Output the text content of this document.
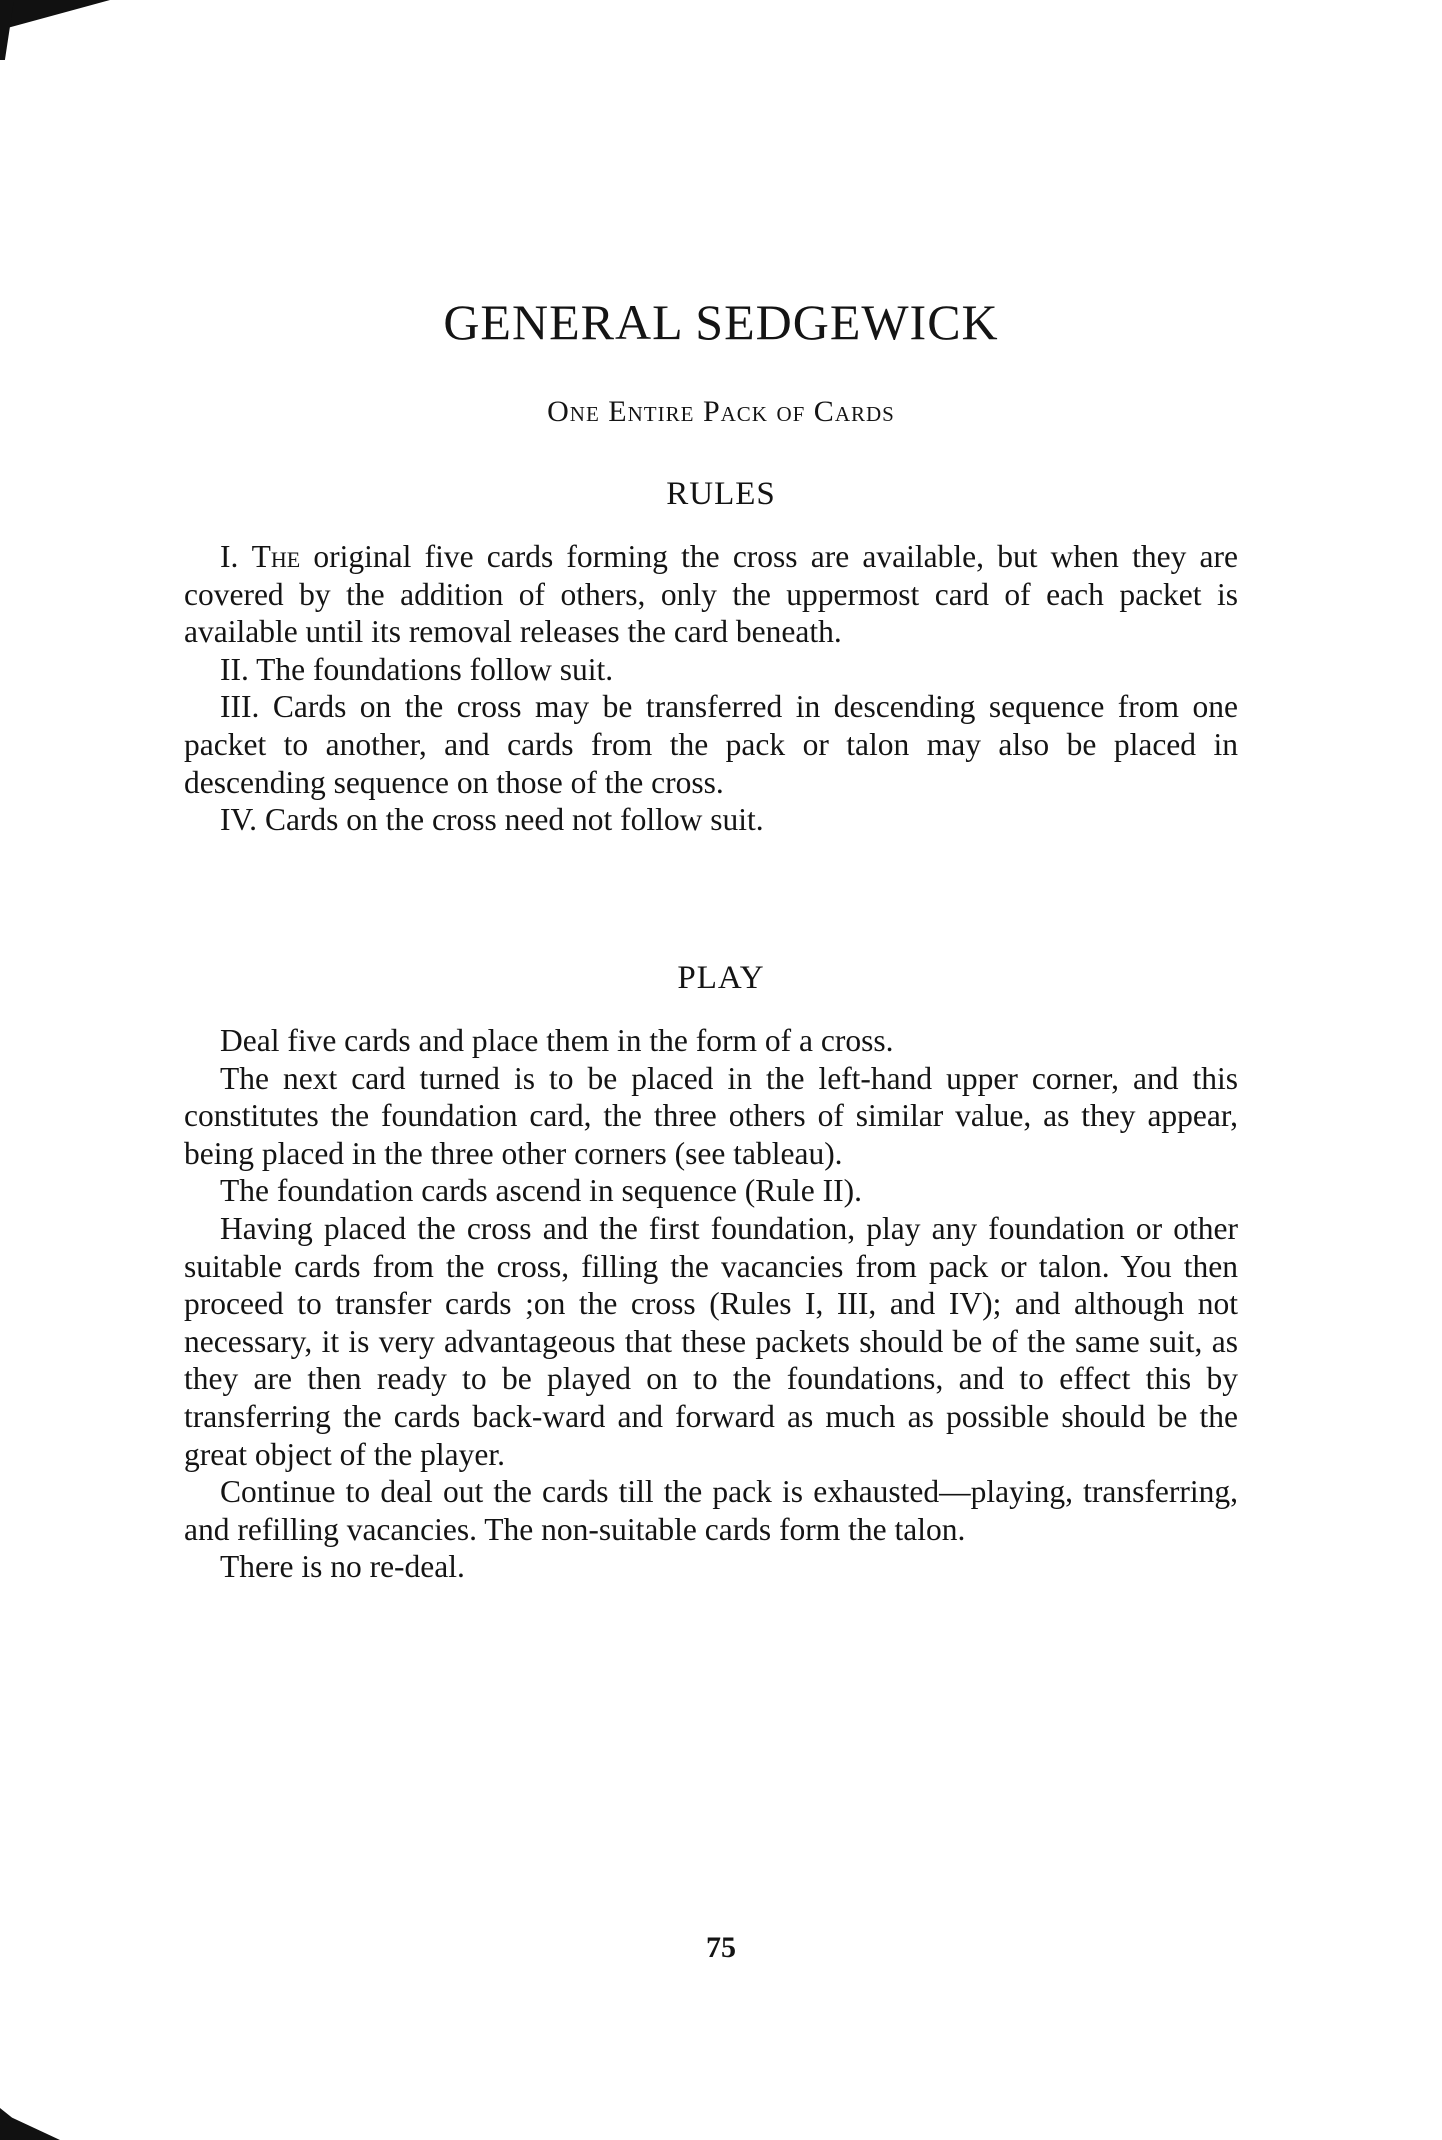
GENERAL SEDGEWICK
One Entire Pack of Cards
RULES

I. The original five cards forming the cross are available, but when they are covered by the addition of others, only the uppermost card of each packet is available until its removal releases the card beneath.

II. The foundations follow suit.

III. Cards on the cross may be transferred in descending sequence from one packet to another, and cards from the pack or talon may also be placed in descending sequence on those of the cross.

IV. Cards on the cross need not follow suit.

PLAY

Deal five cards and place them in the form of a cross.

The next card turned is to be placed in the left-hand upper corner, and this constitutes the foundation card, the three others of similar value, as they appear, being placed in the three other corners (see tableau).

The foundation cards ascend in sequence (Rule II).

Having placed the cross and the first foundation, play any foundation or other suitable cards from the cross, filling the vacancies from pack or talon. You then proceed to transfer cards ;on the cross (Rules I, III, and IV); and although not necessary, it is very advantageous that these packets should be of the same suit, as they are then ready to be played on to the foundations, and to effect this by transferring the cards back-ward and forward as much as possible should be the great object of the player.

Continue to deal out the cards till the pack is exhausted—playing, transferring, and refilling vacancies. The non-suitable cards form the talon.

There is no re-deal.

75
